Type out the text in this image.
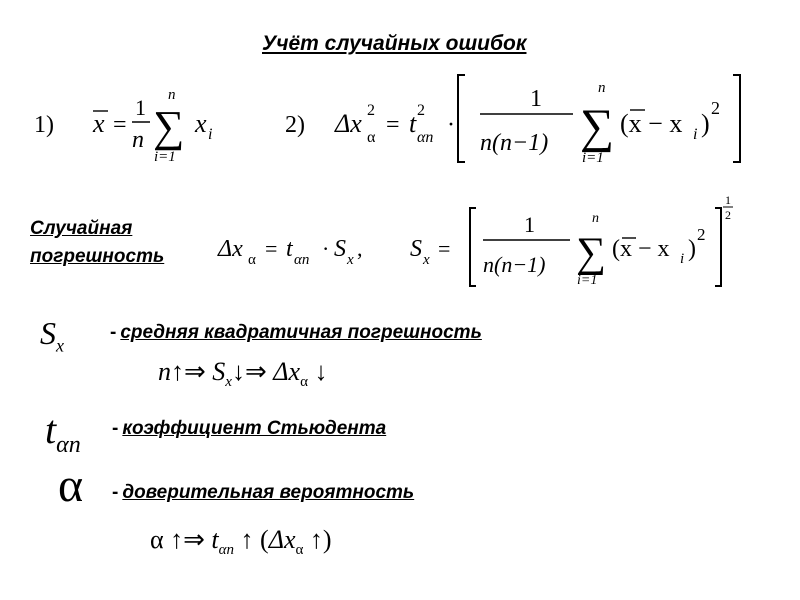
Учёт случайных ошибок
1) x =
1
n
n
∑
i=1
x i	2) Δx 2
α = t 2
αn ·
1
n(n−1)
n
∑
i=1
(x − x i )
2
Случайная
погрешность Δx α = t αn · S x , S x =
1
n(n−1)
n
∑
i=1
(x − x i )
2
1
2
$S_x$
- средняя квадратичная погрешность
n↑⇒ $S_x↓\Rightarrow$ $\Delta x_\alpha$ ↓
$t_{\alpha n}$
- коэффициент Стьюдента
α - доверительная вероятность
α ↑⇒ $t_{\alpha n}$ ↑ ($\Delta x_\alpha$ ↑)
